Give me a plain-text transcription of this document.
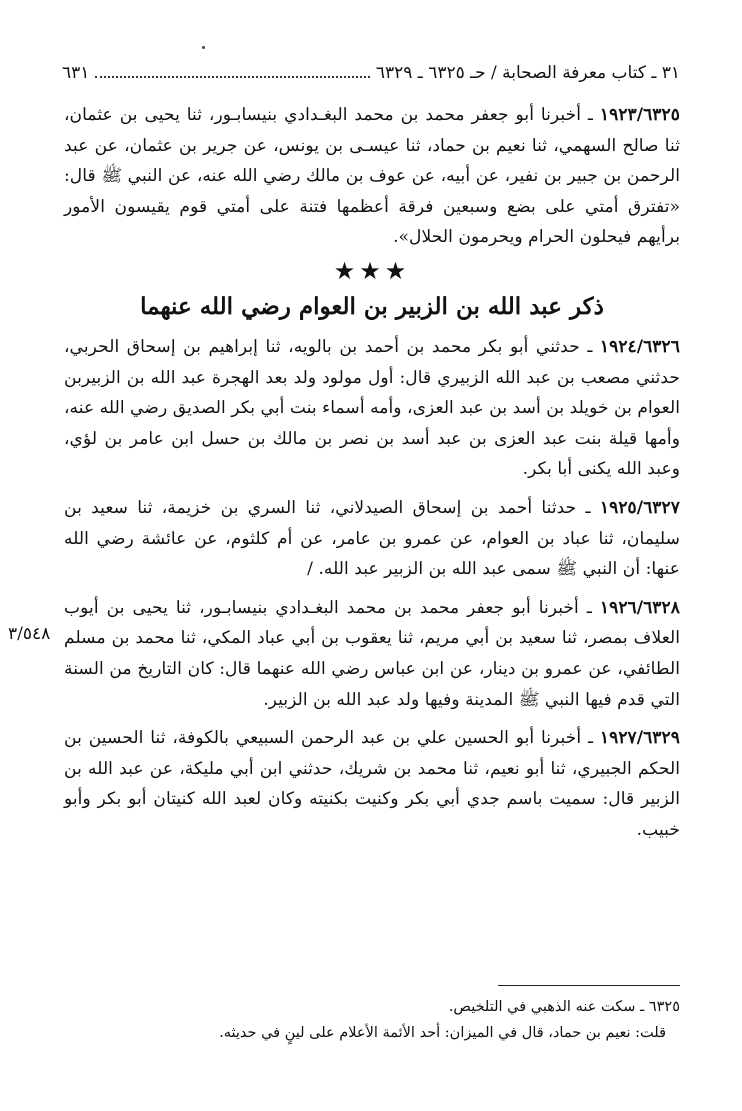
٣١ ـ كتاب معرفة الصحابة / حـ ٦٣٢٥ ـ ٦٣٢٩
٦٣١

١٩٢٣/٦٣٢٥ ـ أخبرنا أبو جعفر محمد بن محمد البغـدادي بنيسابـور، ثنا يحيى بن عثمان، ثنا صالح السهمي، ثنا نعيم بن حماد، ثنا عيسـى بن يونس، عن جرير بن عثمان، عن عبد الرحمن بن جبير بن نفير، عن أبيه، عن عوف بن مالك رضي الله عنه، عن النبي ﷺ قال: «تفترق أمتي على بضع وسبعين فرقة أعظمها فتنة على أمتي قوم يقيسون الأمور برأيهم فيحلون الحرام ويحرمون الحلال».

★★★
ذكر عبد الله بن الزبير بن العوام رضي الله عنهما

١٩٢٤/٦٣٢٦ ـ حدثني أبو بكر محمد بن أحمد بن بالويه، ثنا إبراهيم بن إسحاق الحربي، حدثني مصعب بن عبد الله الزبيري قال: أول مولود ولد بعد الهجرة عبد الله بن الزبيربن العوام بن خويلد بن أسد بن عبد العزى، وأمه أسماء بنت أبي بكر الصديق رضي الله عنه، وأمها قيلة بنت عبد العزى بن عبد أسد بن نصر بن مالك بن حسل ابن عامر بن لؤي، وعبد الله يكنى أبا بكر.

١٩٢٥/٦٣٢٧ ـ حدثنا أحمد بن إسحاق الصيدلاني، ثنا السري بن خزيمة، ثنا سعيد بن سليمان، ثنا عباد بن العوام، عن عمرو بن عامر، عن أم كلثوم، عن عائشة رضي الله عنها: أن النبي ﷺ سمى عبد الله بن الزبير عبد الله. /

١٩٢٦/٦٣٢٨ ـ أخبرنا أبو جعفر محمد بن محمد البغـدادي بنيسابـور، ثنا يحيى بن أيوب العلاف بمصر، ثنا سعيد بن أبي مريم، ثنا يعقوب بن أبي عباد المكي، ثنا محمد بن مسلم الطائفي، عن عمرو بن دينار، عن ابن عباس رضي الله عنهما قال: كان التاريخ من السنة التي قدم فيها النبي ﷺ المدينة وفيها ولد عبد الله بن الزبير.

١٩٢٧/٦٣٢٩ ـ أخبرنا أبو الحسين علي بن عبد الرحمن السبيعي بالكوفة، ثنا الحسين بن الحكم الجبيري، ثنا أبو نعيم، ثنا محمد بن شريك، حدثني ابن أبي مليكة، عن عبد الله بن الزبير قال: سميت باسم جدي أبي بكر وكنيت بكنيته وكان لعبد الله كنيتان أبو بكر وأبو خبيب.

٣/٥٤٨

٦٣٢٥ ـ سكت عنه الذهبي في التلخيص.

قلت: نعيم بن حماد، قال في الميزان: أحد الأئمة الأعلام على لينٍ في حديثه.
